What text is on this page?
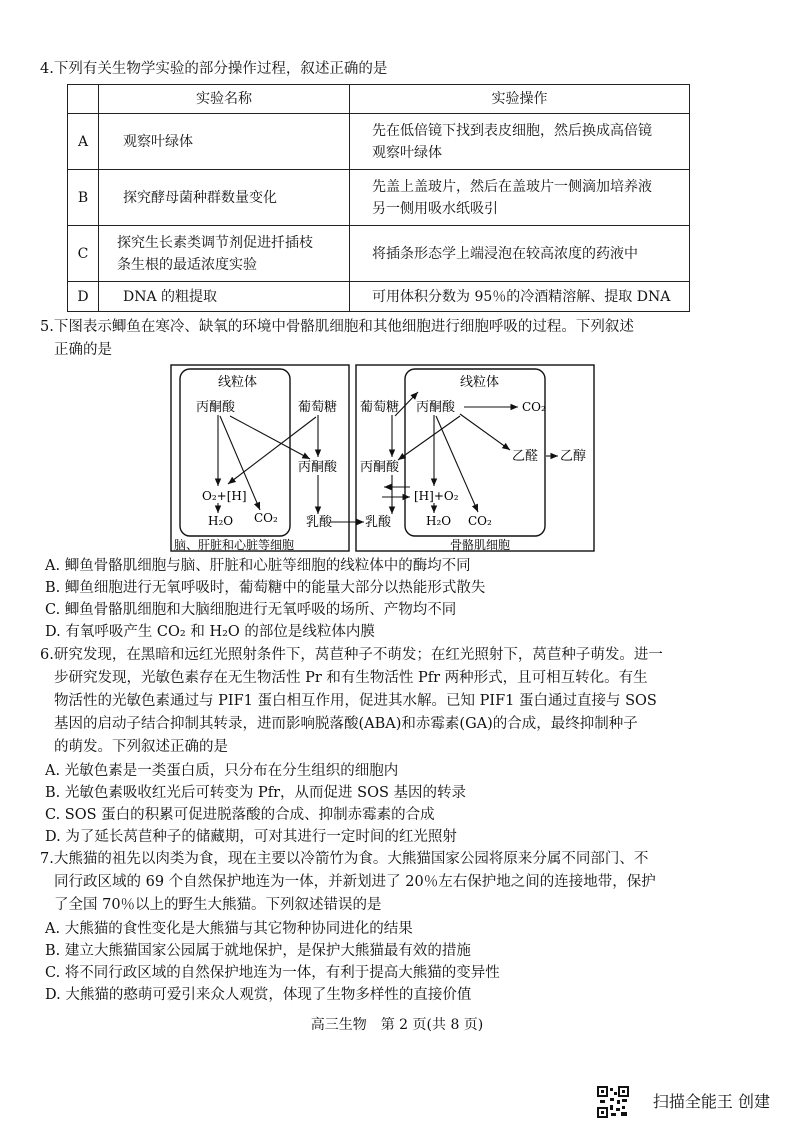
4.下列有关生物学实验的部分操作过程，叙述正确的是
	实验名称	实验操作
A	观察叶绿体	先在低倍镜下找到表皮细胞，然后换成高倍镜
观察叶绿体

B	探究酵母菌种群数量变化	先盖上盖玻片，然后在盖玻片一侧滴加培养液
另一侧用吸水纸吸引

C	探究生长素类调节剂促进扦插枝
条生根的最适浓度实验	将插条形态学上端浸泡在较高浓度的药液中
D	DNA 的粗提取	可用体积分数为 95％的冷酒精溶解、提取 DNA
5.下图表示鲫鱼在寒冷、缺氧的环境中骨骼肌细胞和其他细胞进行细胞呼吸的过程。下列叙述
正确的是
线粒体
丙酮酸	葡萄糖
丙酮酸
O₂+[H]
H₂O CO₂ 乳酸
脑、肝脏和心脏等细胞
线粒体
葡萄糖 丙酮酸	CO₂
丙酮酸
乙醛 乙醇
[H]+O₂
H₂O CO₂
乳酸
骨骼肌细胞
A. 鲫鱼骨骼肌细胞与脑、肝脏和心脏等细胞的线粒体中的酶均不同
B. 鲫鱼细胞进行无氧呼吸时，葡萄糖中的能量大部分以热能形式散失
C. 鲫鱼骨骼肌细胞和大脑细胞进行无氧呼吸的场所、产物均不同
D. 有氧呼吸产生 CO₂ 和 H₂O 的部位是线粒体内膜
6.研究发现，在黑暗和远红光照射条件下，莴苣种子不萌发；在红光照射下，莴苣种子萌发。进一
步研究发现，光敏色素存在无生物活性 Pr 和有生物活性 Pfr 两种形式，且可相互转化。有生
物活性的光敏色素通过与 PIF1 蛋白相互作用，促进其水解。已知 PIF1 蛋白通过直接与 SOS
基因的启动子结合抑制其转录，进而影响脱落酸(ABA)和赤霉素(GA)的合成，最终抑制种子
的萌发。下列叙述正确的是
A. 光敏色素是一类蛋白质，只分布在分生组织的细胞内
B. 光敏色素吸收红光后可转变为 Pfr，从而促进 SOS 基因的转录
C. SOS 蛋白的积累可促进脱落酸的合成、抑制赤霉素的合成
D. 为了延长莴苣种子的储藏期，可对其进行一定时间的红光照射
7.大熊猫的祖先以肉类为食，现在主要以冷箭竹为食。大熊猫国家公园将原来分属不同部门、不
同行政区域的 69 个自然保护地连为一体，并新划进了 20％左右保护地之间的连接地带，保护
了全国 70％以上的野生大熊猫。下列叙述错误的是
A. 大熊猫的食性变化是大熊猫与其它物种协同进化的结果
B. 建立大熊猫国家公园属于就地保护，是保护大熊猫最有效的措施
C. 将不同行政区域的自然保护地连为一体，有利于提高大熊猫的变异性
D. 大熊猫的憨萌可爱引来众人观赏，体现了生物多样性的直接价值
高三生物　第 2 页(共 8 页)
扫描全能王 创建
